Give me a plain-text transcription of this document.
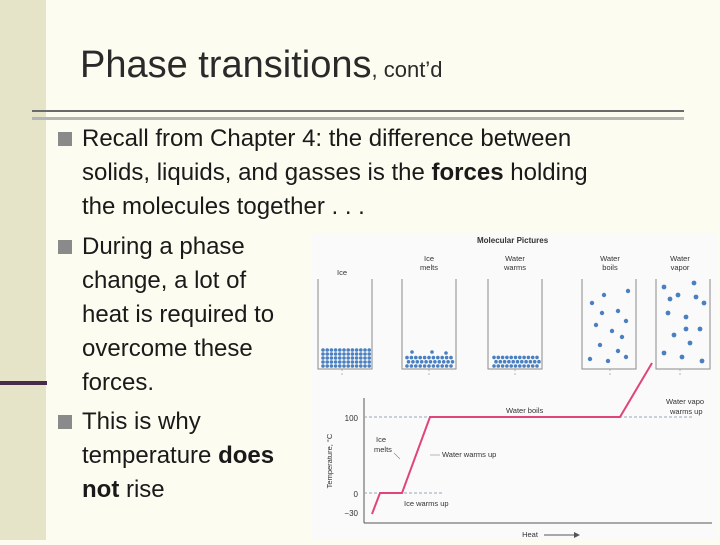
Phase transitions, cont’d
Recall from Chapter 4: the difference between
solids, liquids, and gasses is the forces holding
the molecules together . . .
During a phase
change, a lot of
heat is required to
overcome these
forces.
This is why
temperature does
not rise
Molecular Pictures
Ice
Ice
melts
Water
warms
Water
boils
Water
vapor
100
0
−30
Temperature, °C
Heat
Water boils
Water vapo
warms up
Ice
melts
Water warms up
Ice warms up
